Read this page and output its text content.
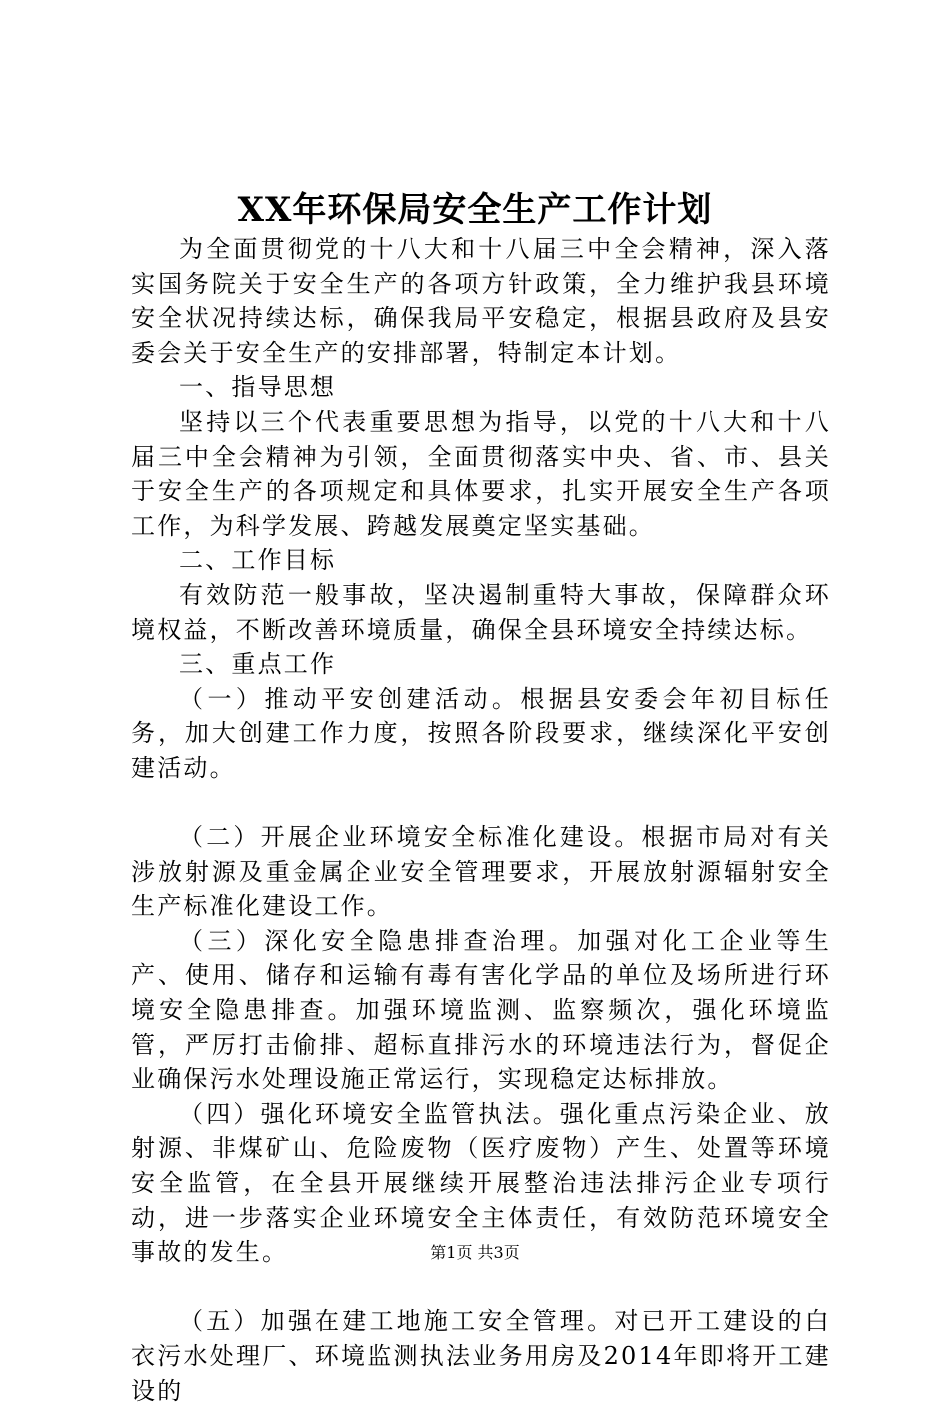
XX年环保局安全生产工作计划

为全面贯彻党的十八大和十八届三中全会精神，深入落实国务院关于安全生产的各项方针政策，全力维护我县环境安全状况持续达标，确保我局平安稳定，根据县政府及县安委会关于安全生产的安排部署，特制定本计划。

一、指导思想

坚持以三个代表重要思想为指导，以党的十八大和十八届三中全会精神为引领，全面贯彻落实中央、省、市、县关于安全生产的各项规定和具体要求，扎实开展安全生产各项工作，为科学发展、跨越发展奠定坚实基础。

二、工作目标

有效防范一般事故，坚决遏制重特大事故，保障群众环境权益，不断改善环境质量，确保全县环境安全持续达标。

三、重点工作

（一）推动平安创建活动。根据县安委会年初目标任务，加大创建工作力度，按照各阶段要求，继续深化平安创建活动。

（二）开展企业环境安全标准化建设。根据市局对有关涉放射源及重金属企业安全管理要求，开展放射源辐射安全生产标准化建设工作。

（三）深化安全隐患排查治理。加强对化工企业等生产、使用、储存和运输有毒有害化学品的单位及场所进行环境安全隐患排查。加强环境监测、监察频次，强化环境监管，严厉打击偷排、超标直排污水的环境违法行为，督促企业确保污水处理设施正常运行，实现稳定达标排放。

（四）强化环境安全监管执法。强化重点污染企业、放射源、非煤矿山、危险废物（医疗废物）产生、处置等环境安全监管，在全县开展继续开展整治违法排污企业专项行动，进一步落实企业环境安全主体责任，有效防范环境安全事故的发生。

（五）加强在建工地施工安全管理。对已开工建设的白衣污水处理厂、环境监测执法业务用房及2014年即将开工建设的

第1页 共3页
